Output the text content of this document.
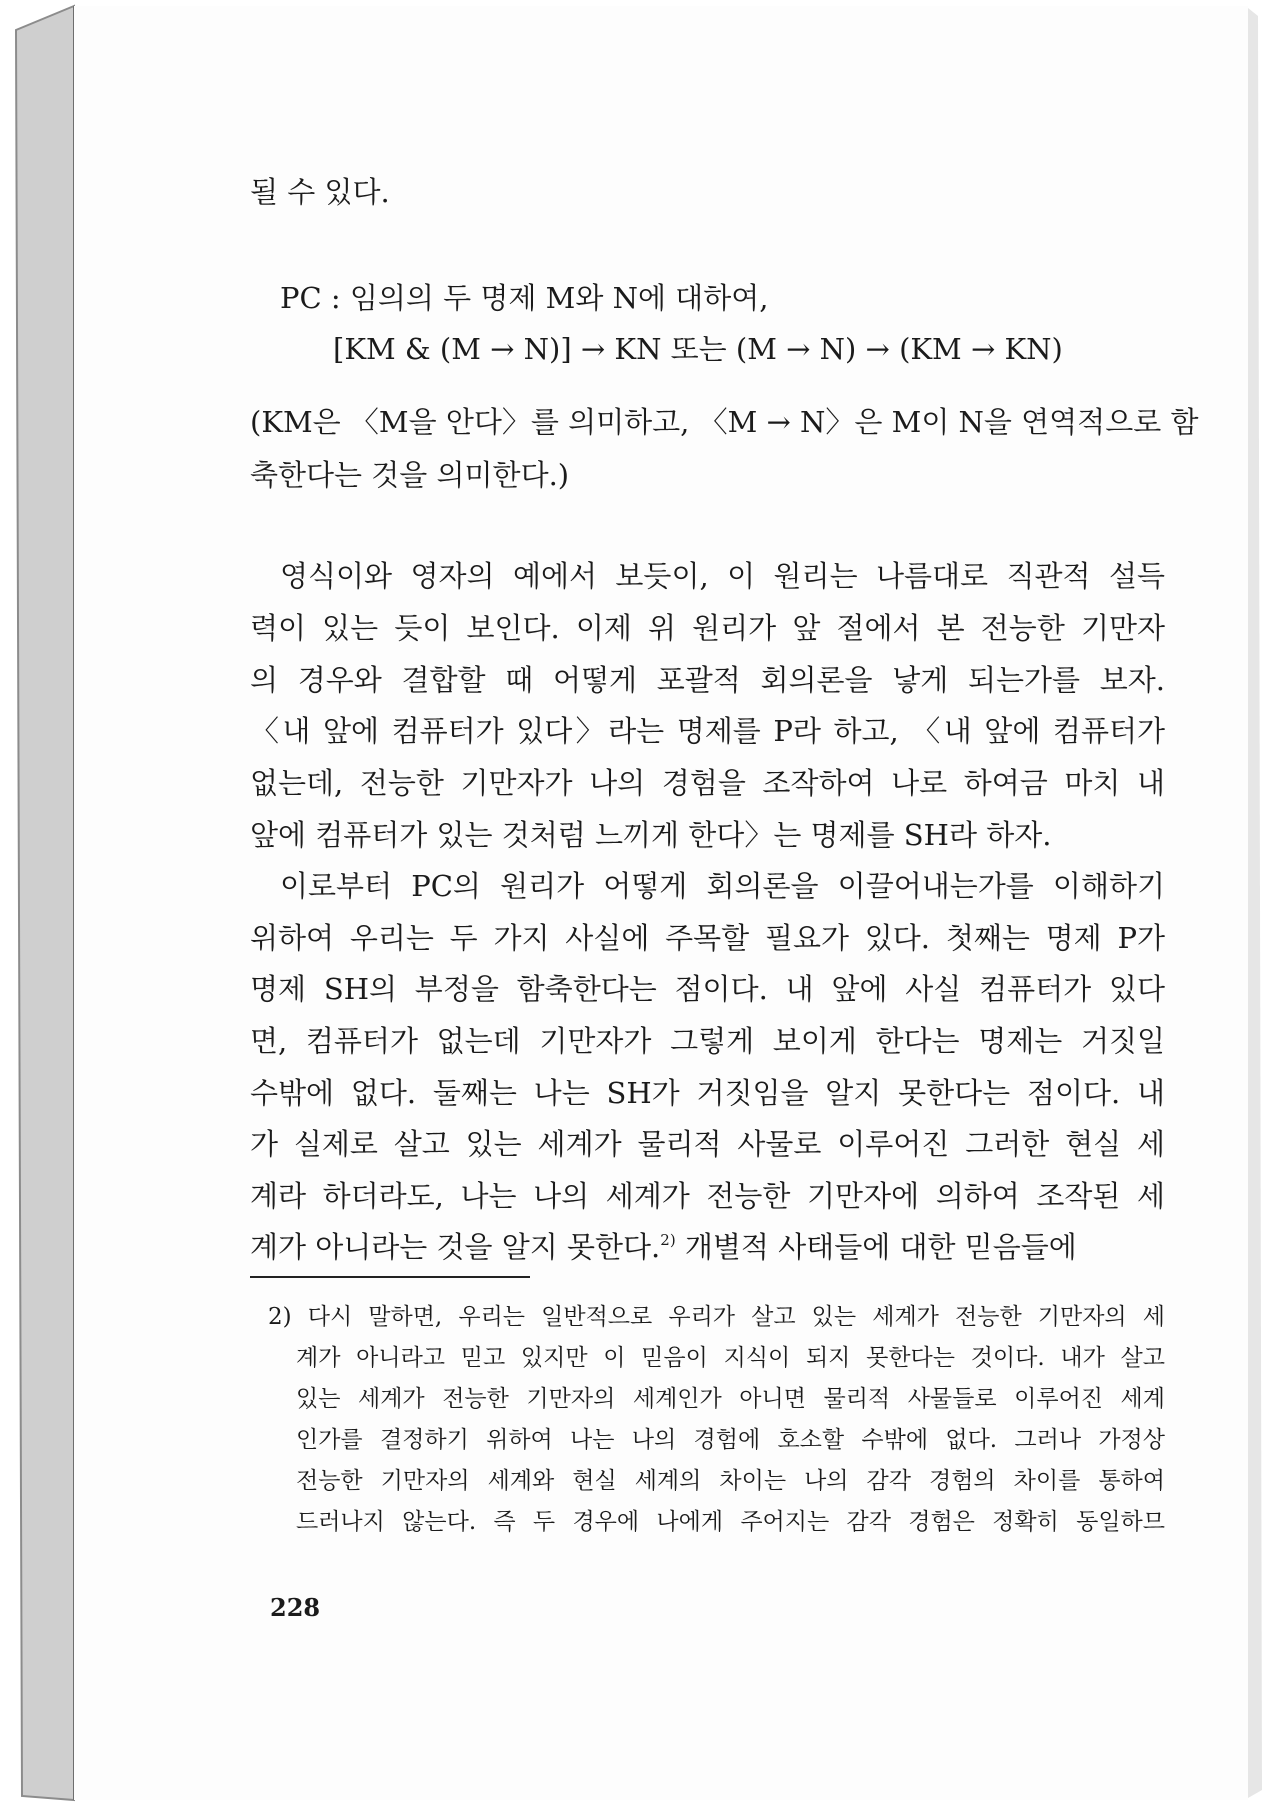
될 수 있다.
PC : 임의의 두 명제 M와 N에 대하여,
[KM & (M → N)] → KN 또는 (M → N) → (KM → KN)
(KM은 〈M을 안다〉를 의미하고, 〈M → N〉은 M이 N을 연역적으로 함
축한다는 것을 의미한다.)
영식이와 영자의 예에서 보듯이, 이 원리는 나름대로 직관적 설득
력이 있는 듯이 보인다. 이제 위 원리가 앞 절에서 본 전능한 기만자
의 경우와 결합할 때 어떻게 포괄적 회의론을 낳게 되는가를 보자.
〈내 앞에 컴퓨터가 있다〉라는 명제를 P라 하고, 〈내 앞에 컴퓨터가
없는데, 전능한 기만자가 나의 경험을 조작하여 나로 하여금 마치 내
앞에 컴퓨터가 있는 것처럼 느끼게 한다〉는 명제를 SH라 하자.
이로부터 PC의 원리가 어떻게 회의론을 이끌어내는가를 이해하기
위하여 우리는 두 가지 사실에 주목할 필요가 있다. 첫째는 명제 P가
명제 SH의 부정을 함축한다는 점이다. 내 앞에 사실 컴퓨터가 있다
면, 컴퓨터가 없는데 기만자가 그렇게 보이게 한다는 명제는 거짓일
수밖에 없다. 둘째는 나는 SH가 거짓임을 알지 못한다는 점이다. 내
가 실제로 살고 있는 세계가 물리적 사물로 이루어진 그러한 현실 세
계라 하더라도, 나는 나의 세계가 전능한 기만자에 의하여 조작된 세
계가 아니라는 것을 알지 못한다.$^{2)}$ 개별적 사태들에 대한 믿음들에
2) 다시 말하면, 우리는 일반적으로 우리가 살고 있는 세계가 전능한 기만자의 세
계가 아니라고 믿고 있지만 이 믿음이 지식이 되지 못한다는 것이다. 내가 살고
있는 세계가 전능한 기만자의 세계인가 아니면 물리적 사물들로 이루어진 세계
인가를 결정하기 위하여 나는 나의 경험에 호소할 수밖에 없다. 그러나 가정상
전능한 기만자의 세계와 현실 세계의 차이는 나의 감각 경험의 차이를 통하여
드러나지 않는다. 즉 두 경우에 나에게 주어지는 감각 경험은 정확히 동일하므
228
